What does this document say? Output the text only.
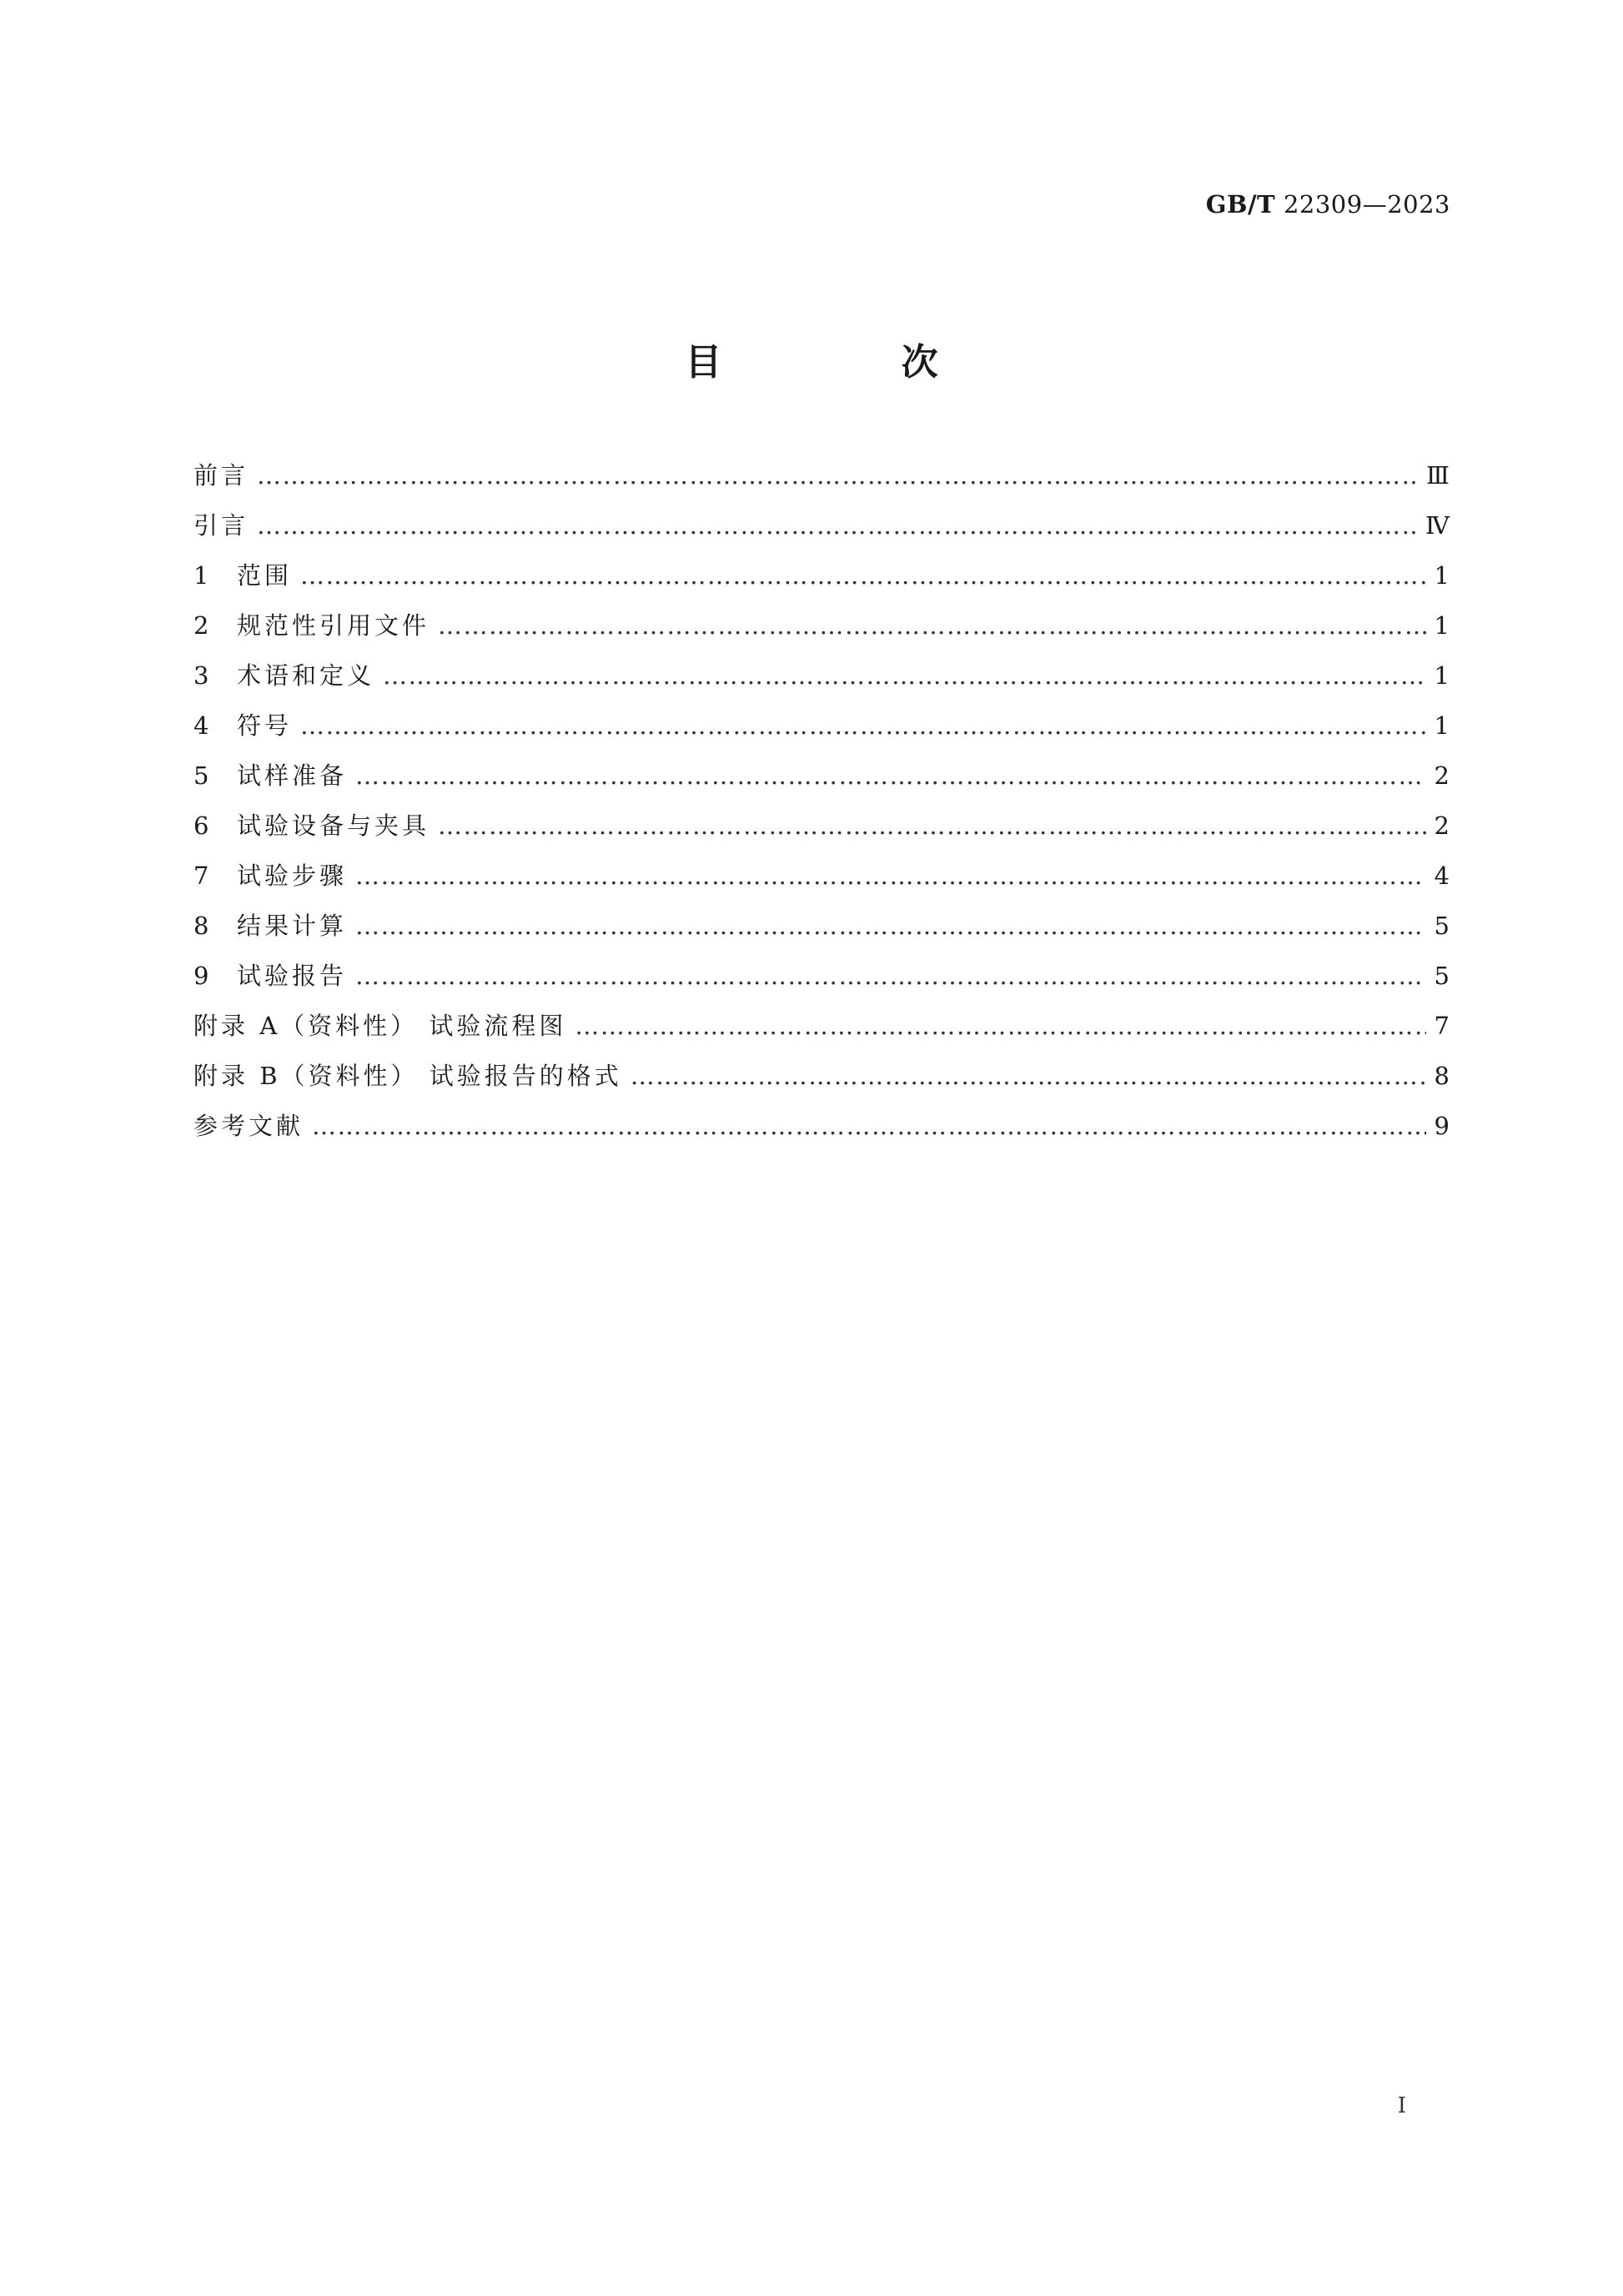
GB/T 22309—2023
目 次
前言 …………………………………………………………………………………………………………………………………………………………………………………………………………………………	Ⅲ
引言 …………………………………………………………………………………………………………………………………………………………………………………………………………………………	Ⅳ
1	范围 …………………………………………………………………………………………………………………………………………………………………………………………………………………………	1
2	规范性引用文件 …………………………………………………………………………………………………………………………………………………………………………………………………………………………	1
3	术语和定义 …………………………………………………………………………………………………………………………………………………………………………………………………………………………	1
4	符号 …………………………………………………………………………………………………………………………………………………………………………………………………………………………	1
5	试样准备 …………………………………………………………………………………………………………………………………………………………………………………………………………………………	2
6	试验设备与夹具 …………………………………………………………………………………………………………………………………………………………………………………………………………………………	2
7	试验步骤 …………………………………………………………………………………………………………………………………………………………………………………………………………………………	4
8	结果计算 …………………………………………………………………………………………………………………………………………………………………………………………………………………………	5
9	试验报告 …………………………………………………………………………………………………………………………………………………………………………………………………………………………	5
附录 A（资料性） 试验流程图 …………………………………………………………………………………………………………………………………………………………………………………………………………………………	7
附录 B（资料性） 试验报告的格式 …………………………………………………………………………………………………………………………………………………………………………………………………………………………	8
参考文献 …………………………………………………………………………………………………………………………………………………………………………………………………………………………	9
I
